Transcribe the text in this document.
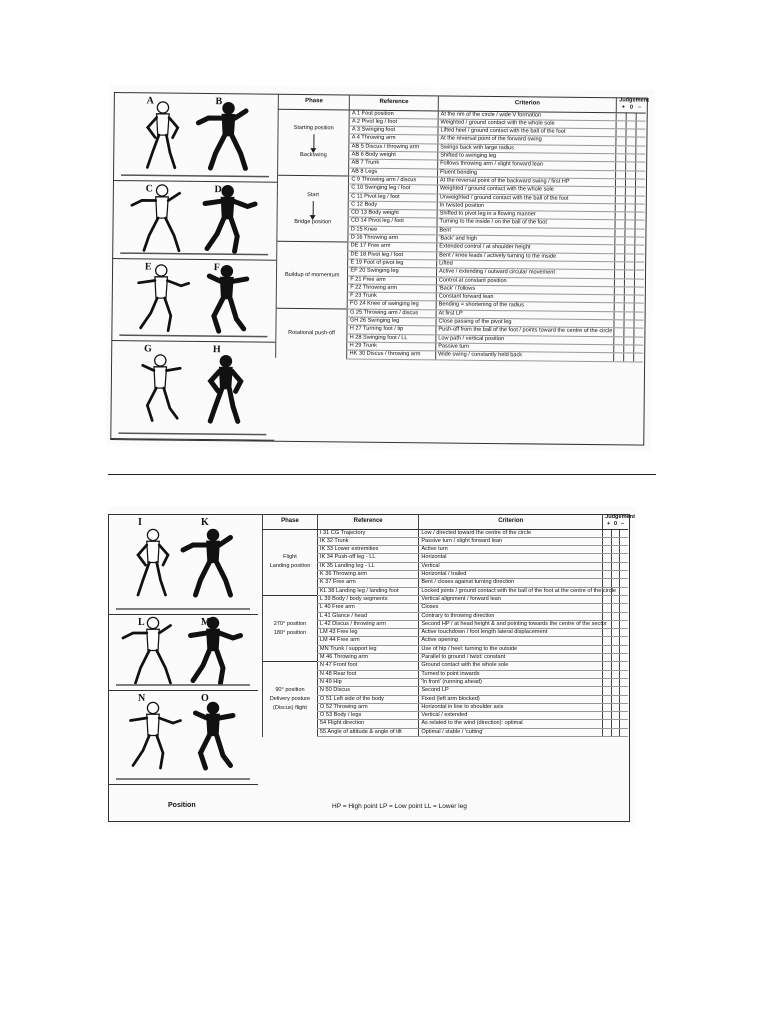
A	B
C	D
E	F
G	H
Phase	Reference	Criterion	Judgement
+ 0 –		

Starting position
Backswing	A 1 Foot position	At the rim of the circle / wide V formation			
	A 2 Pivot leg / foot	Weighted / ground contact with the whole sole			
	A 3 Swinging foot	Lifted heel / ground contact with the ball of the foot			
	A 4 Throwing arm	At the reversal point of the forward swing			
	AB 5 Discus / throwing arm	Swings back with large radius			
	AB 6 Body weight	Shifted to swinging leg			
	AB 7 Trunk	Follows throwing arm / slight forward lean			
	AB 8 Legs	Fluent bending			

Start
Bridge position	C 9 Throwing arm / discus	At the reversal point of the backward swing / first HP			
	C 10 Swinging leg / foot	Weighted / ground contact with the whole sole			
	C 11 Pivot leg / foot	Unweighted / ground contact with the ball of the foot			
	C 12 Body	In twisted position			
	CD 13 Body weight	Shifted to pivot leg in a flowing manner			
	CD 14 Pivot leg / foot	Turning to the inside / on the ball of the foot			
	D 15 Knee	Bent			
	D 16 Throwing arm	'Back' and high			

Buildup of momentum	DE 17 Free arm	Extended control / at shoulder height			
	DE 18 Pivot leg / foot	Bent / knee leads / actively turning to the inside			
	E 19 Foot of pivot leg	Lifted			
	EF 20 Swinging leg	Active / extending / outward circular movement			
	F 21 Free arm	Control at constant position			
	F 22 Throwing arm	'Back' / follows			
	F 23 Trunk	Constant forward lean			
	FG 24 Knee of swinging leg	Bending = shortening of the radius			

Rotational push-off	G 25 Throwing arm / discus	At first LP			
	GH 26 Swinging leg	Close passing of the pivot leg			
	H 27 Turning foot / tip	Push-off from the ball of the foot / points toward the centre of the circle			
	H 28 Swinging foot / LL	Low path / vertical position			
	H 29 Trunk	Passive turn			
	HK 30 Discus / throwing arm	Wide swing / constantly held back			
I	K
L	M
N	O
Phase	Reference	Criterion	Judgement
+ 0 –		

Flight
Landing position	I 31 CG Trajectory	Low / directed toward the centre of the circle			
	IK 32 Trunk	Passive turn / slight forward lean			
	IK 33 Lower extremities	Active turn			
	IK 34 Push-off leg - LL	Horizontal			
	IK 35 Landing leg - LL	Vertical			
	K 36 Throwing arm	Horizontal / trailed			
	K 37 Free arm	Bent / closes against turning direction			
	KL 38 Landing leg / landing foot	Locked joints / ground contact with the ball of the foot at the centre of the circle			

270° position
180° position	L 39 Body / body segments	Vertical alignment / forward lean			
	L 40 Free arm	Closes			
	L 41 Glance / head	Contrary to throwing direction			
	L 42 Discus / throwing arm	Second HP / at head height & and pointing towards the centre of the sector			
	LM 43 Free leg	Active touchdown / foot length lateral displacement			
	LM 44 Free arm	Active opening			
	MN Trunk / support leg	Use of hip / heel: turning to the outside			
	M 46 Throwing arm	Parallel to ground / twist: constant			

90° position
Delivery posture
(Discus) flight	N 47 Front foot	Ground contact with the whole sole			
	N 48 Rear foot	Turned to point inwards			
	N 49 Hip	'In front' (running ahead)			
	N 50 Discus	Second LP			
	O 51 Left side of the body	Fixed (left arm blocked)			
	O 52 Throwing arm	Horizontal in line to shoulder axis			
	O 53 Body / legs	Vertical / extended			
	54 Flight direction	As related to the wind (direction): optimal			
	55 Angle of attitude & angle of tilt	Optimal / stable / 'cutting'			
Position	HP = High point LP = Low point LL = Lower leg
